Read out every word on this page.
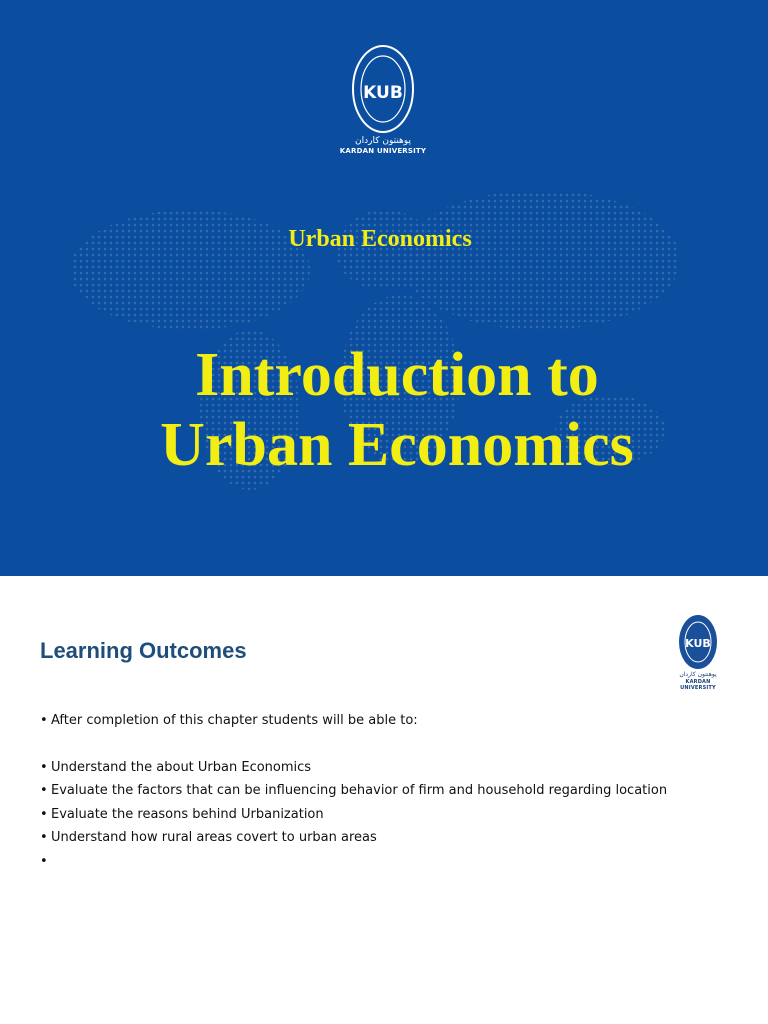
KUB
پوهنتون کاردان
KARDAN UNIVERSITY
Urban Economics
Introduction to
Urban Economics
Learning Outcomes	KUB
پوهنتون کاردان
KARDAN UNIVERSITY
• After completion of this chapter students will be able to:
• Understand the about Urban Economics
• Evaluate the factors that can be influencing behavior of firm and household regarding location
• Evaluate the reasons behind Urbanization
• Understand how rural areas covert to urban areas
•
